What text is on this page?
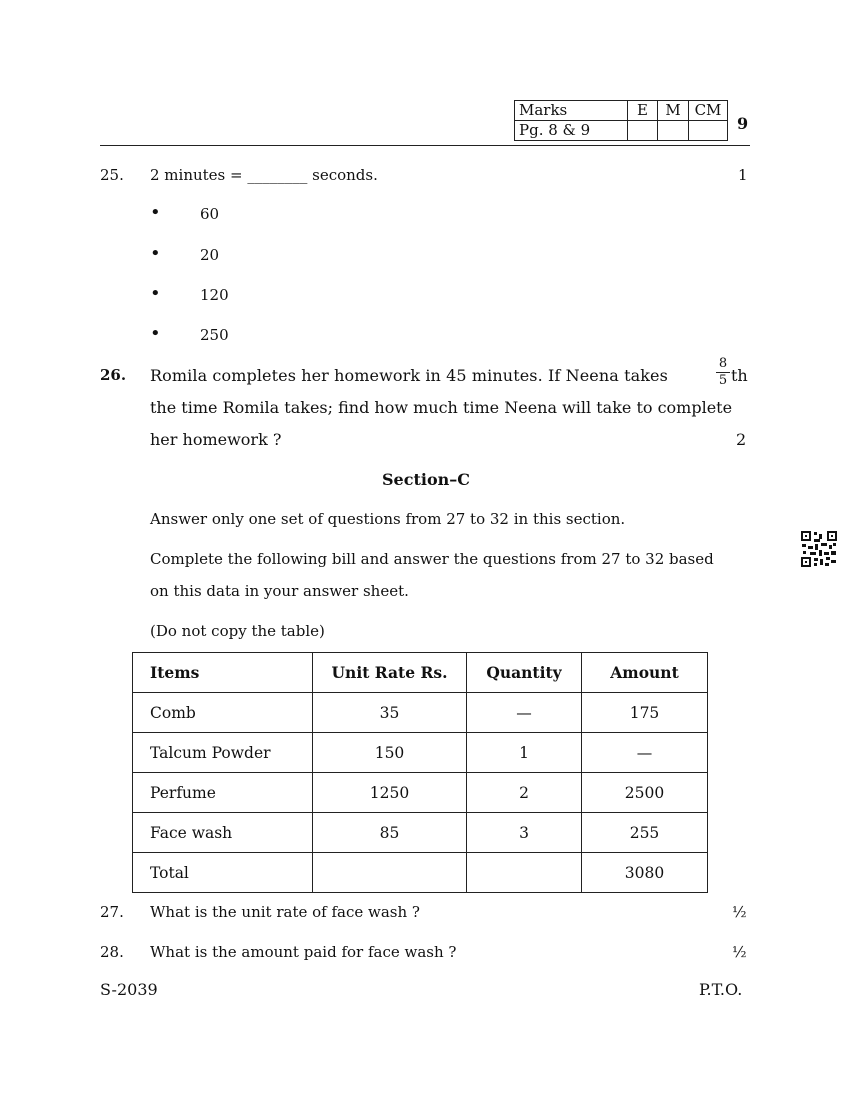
Marks	E	M	CM
Pg. 8 & 9				9
25. 2 minutes = ________ seconds.	1
•	60
•	20
•	120
•	250
26. Romila completes her homework in 45 minutes. If Neena takes
8
5 th
the time Romila takes; find how much time Neena will take to complete
her homework ?	2
Section–C
Answer only one set of questions from 27 to 32 in this section.
Complete the following bill and answer the questions from 27 to 32 based
on this data in your answer sheet.
(Do not copy the table)
Items	Unit Rate Rs.	Quantity	Amount
Comb	35	—	175
Talcum Powder	150	1	—
Perfume	1250	2	2500
Face wash	85	3	255
Total			3080
27. What is the unit rate of face wash ?	½
28. What is the amount paid for face wash ?	½
S-2039	P.T.O.
